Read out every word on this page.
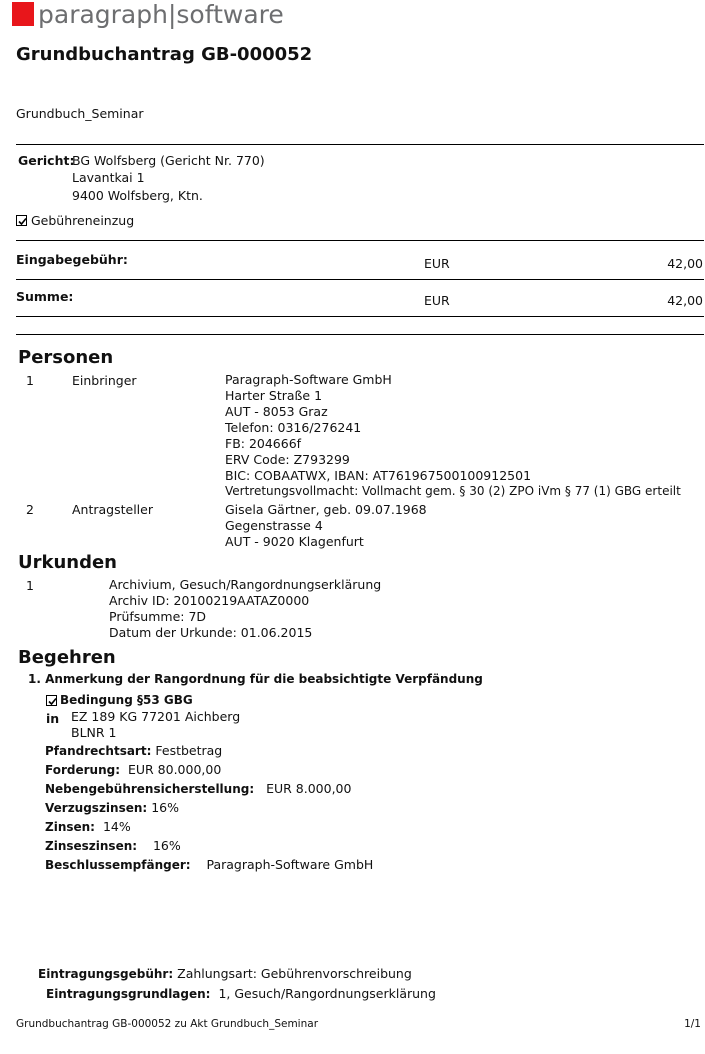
paragraph|software
Grundbuchantrag GB-000052
Grundbuch_Seminar
Gericht:
BG Wolfsberg (Gericht Nr. 770)
Lavantkai 1
9400 Wolfsberg, Ktn.
Gebühreneinzug
Eingabegebühr:	EUR	42,00
Summe:	EUR	42,00
Personen
1	Einbringer	Paragraph-Software GmbH
Harter Straße 1
AUT - 8053 Graz
Telefon: 0316/276241
FB: 204666f
ERV Code: Z793299
BIC: COBAATWX, IBAN: AT761967500100912501
Vertretungsvollmacht: Vollmacht gem. § 30 (2) ZPO iVm § 77 (1) GBG erteilt
2	Antragsteller	Gisela Gärtner, geb. 09.07.1968
Gegenstrasse 4
AUT - 9020 Klagenfurt
Urkunden
1	Archivium, Gesuch/Rangordnungserklärung
Archiv ID: 20100219AATAZ0000
Prüfsumme: 7D
Datum der Urkunde: 01.06.2015
Begehren
1. Anmerkung der Rangordnung für die beabsichtigte Verpfändung
Bedingung §53 GBG
in EZ 189 KG 77201 Aichberg
BLNR 1
Pfandrechtsart: Festbetrag
Forderung: EUR 80.000,00
Nebengebührensicherstellung: EUR 8.000,00
Verzugszinsen: 16%
Zinsen: 14%
Zinseszinsen: 16%
Beschlussempfänger: Paragraph-Software GmbH
Eintragungsgebühr: Zahlungsart: Gebührenvorschreibung
Eintragungsgrundlagen: 1, Gesuch/Rangordnungserklärung
Grundbuchantrag GB-000052 zu Akt Grundbuch_Seminar	1/1
